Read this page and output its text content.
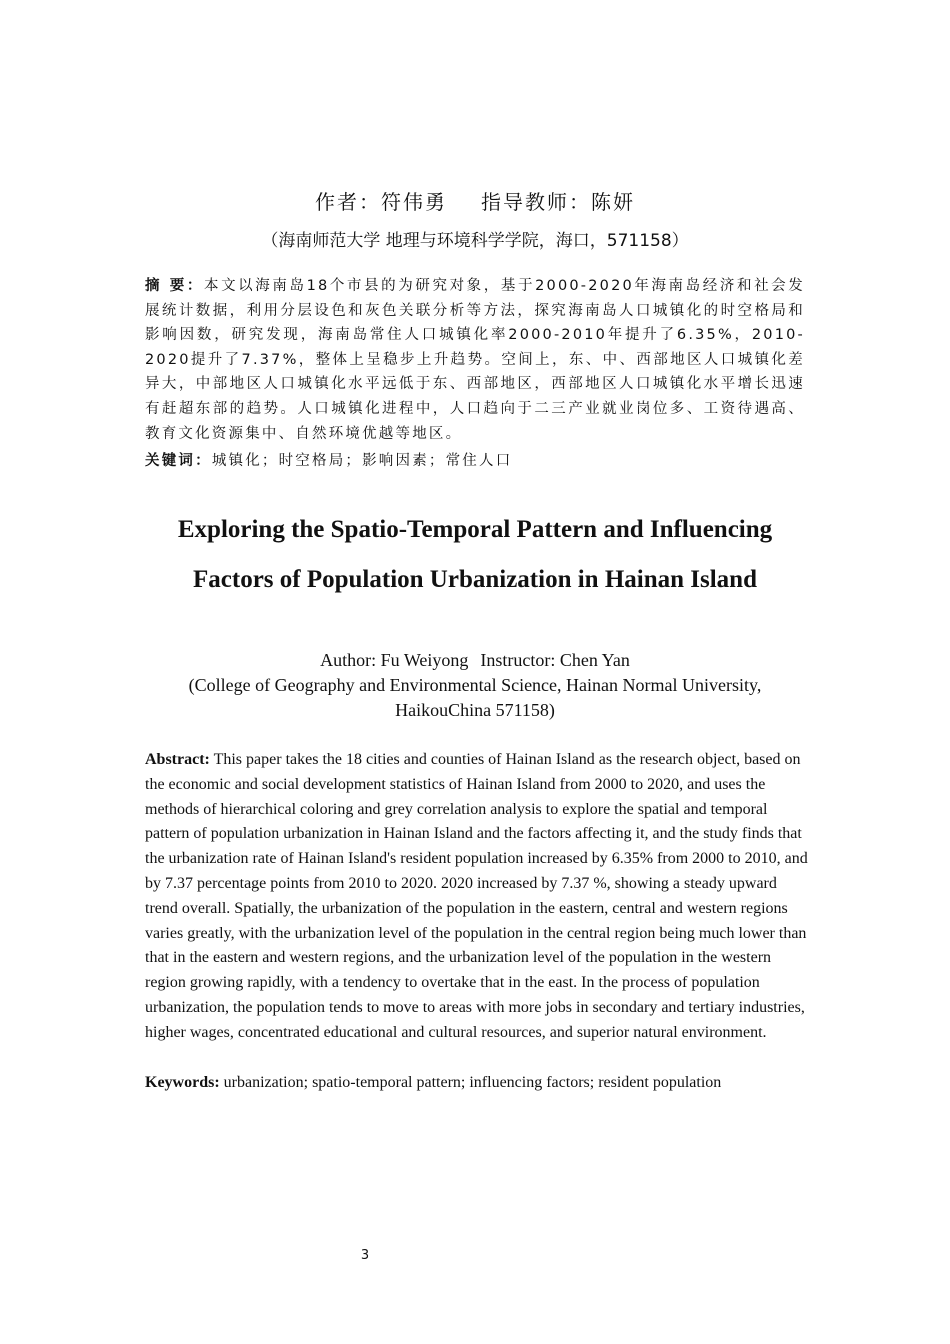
作者：符伟勇 指导教师：陈妍
（海南师范大学 地理与环境科学学院，海口，571158）
摘 要：本文以海南岛18个市县的为研究对象，基于2000-2020年海南岛经济和社会发展统计数据，利用分层设色和灰色关联分析等方法，探究海南岛人口城镇化的时空格局和影响因数，研究发现，海南岛常住人口城镇化率2000-2010年提升了6.35%，2010-2020提升了7.37%，整体上呈稳步上升趋势。空间上，东、中、西部地区人口城镇化差异大，中部地区人口城镇化水平远低于东、西部地区，西部地区人口城镇化水平增长迅速有赶超东部的趋势。人口城镇化进程中，人口趋向于二三产业就业岗位多、工资待遇高、教育文化资源集中、自然环境优越等地区。
关键词：城镇化；时空格局；影响因素；常住人口
Exploring the Spatio-Temporal Pattern and Influencing
Factors of Population Urbanization in Hainan Island
Author: Fu Weiyong Instructor: Chen Yan
(College of Geography and Environmental Science, Hainan Normal University, HaikouChina 571158)
Abstract: This paper takes the 18 cities and counties of Hainan Island as the research object, based on the economic and social development statistics of Hainan Island from 2000 to 2020, and uses the methods of hierarchical coloring and grey correlation analysis to explore the spatial and temporal pattern of population urbanization in Hainan Island and the factors affecting it, and the study finds that the urbanization rate of Hainan Island's resident population increased by 6.35% from 2000 to 2010, and by 7.37 percentage points from 2010 to 2020. 2020 increased by 7.37 %, showing a steady upward trend overall. Spatially, the urbanization of the population in the eastern, central and western regions varies greatly, with the urbanization level of the population in the central region being much lower than that in the eastern and western regions, and the urbanization level of the population in the western region growing rapidly, with a tendency to overtake that in the east. In the process of population urbanization, the population tends to move to areas with more jobs in secondary and tertiary industries, higher wages, concentrated educational and cultural resources, and superior natural environment.
Keywords: urbanization; spatio-temporal pattern; influencing factors; resident population
3
